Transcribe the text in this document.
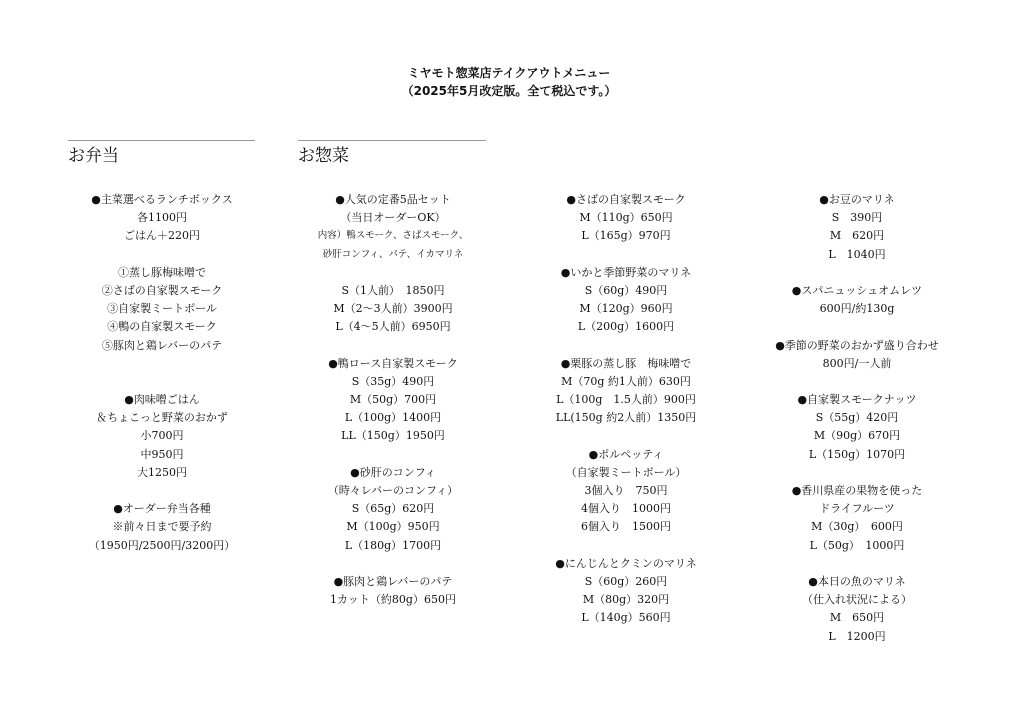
ミヤモト惣菜店テイクアウトメニュー
（2025年5月改定版。全て税込です。）
お弁当	お惣菜
●主菜選べるランチボックス
各1100円
ごはん＋220円
①蒸し豚梅味噌で
②さばの自家製スモーク
③自家製ミートボール
④鴨の自家製スモーク
⑤豚肉と鶏レバーのパテ
●肉味噌ごはん
＆ちょこっと野菜のおかず
小700円
中950円
大1250円
●オーダー弁当各種
※前々日まで要予約
（1950円/2500円/3200円）
●人気の定番5品セット
（当日オーダーOK）
内容）鴨スモーク、さばスモーク、
砂肝コンフィ、パテ、イカマリネ
S（1人前）　1850円
M（2〜3人前）3900円
L（4〜5人前）6950円
●鴨ロース自家製スモーク
S（35g）490円
M（50g）700円
L（100g）1400円
LL（150g）1950円
●砂肝のコンフィ
（時々レバーのコンフィ）
S（65g）620円
M（100g）950円
L（180g）1700円
●豚肉と鶏レバーのパテ
1カット（約80g）650円
●さばの自家製スモーク
M（110g）650円
L（165g）970円
●いかと季節野菜のマリネ
S（60g）490円
M（120g）960円
L（200g）1600円
●栗豚の蒸し豚　梅味噌で
M（70g 約1人前）630円
L（100g　1.5人前）900円
LL(150g 約2人前）1350円
●ポルペッティ
（自家製ミートボール）
3個入り　750円
4個入り　1000円
6個入り　1500円
●にんじんとクミンのマリネ
S（60g）260円
M（80g）320円
L（140g）560円
●お豆のマリネ
S　390円
M　620円
L　1040円
●スパニュッシュオムレツ
600円/約130g
●季節の野菜のおかず盛り合わせ
800円/一人前
●自家製スモークナッツ
S（55g）420円
M（90g）670円
L（150g）1070円
●香川県産の果物を使った
ドライフルーツ
M（30g）　600円
L（50g）　1000円
●本日の魚のマリネ
（仕入れ状況による）
M　650円
L　1200円
